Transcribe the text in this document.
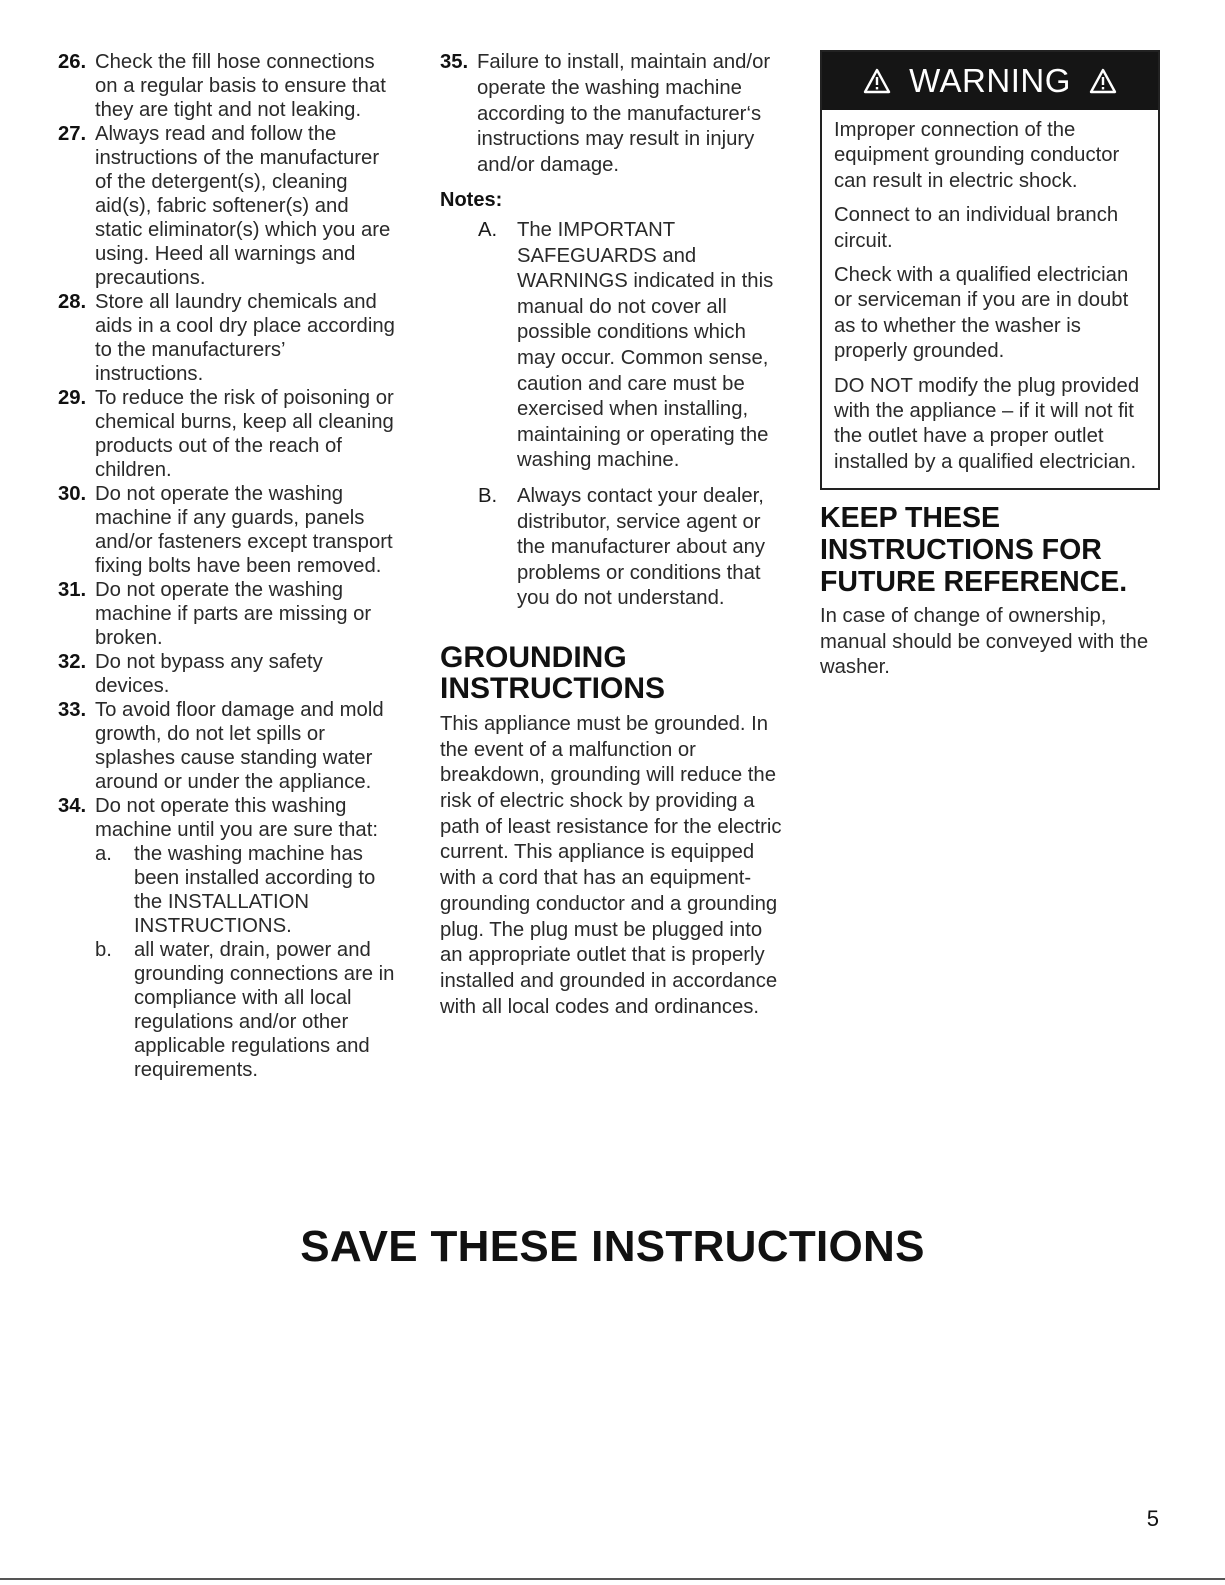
26. Check the fill hose connections on a regular basis to ensure that they are tight and not leaking.
27. Always read and follow the instructions of the manufacturer of the detergent(s), cleaning aid(s), fabric softener(s) and static eliminator(s) which you are using. Heed all warnings and precautions.
28. Store all laundry chemicals and aids in a cool dry place according to the manufacturers’ instructions.
29. To reduce the risk of poisoning or chemical burns, keep all cleaning products out of the reach of children.
30. Do not operate the washing machine if any guards, panels and/or fasteners except transport fixing bolts have been removed.
31. Do not operate the washing machine if parts are missing or broken.
32. Do not bypass any safety devices.
33. To avoid floor damage and mold growth, do not let spills or splashes cause standing water around or under the appliance.
34. Do not operate this washing machine until you are sure that:
a.	the washing machine has been installed according to the INSTALLATION INSTRUCTIONS.
b.	all water, drain, power and grounding connections are in compliance with all local regulations and/or other applicable regulations and requirements.
35. Failure to install, maintain and/or operate the washing machine according to the manufacturer‘s instructions may result in injury and/or damage.
Notes:
A. The IMPORTANT SAFEGUARDS and WARNINGS indicated in this manual do not cover all possible conditions which may occur. Common sense, caution and care must be exercised when installing, maintaining or operating the washing machine.
B. Always contact your dealer, distributor, service agent or the manufacturer about any problems or conditions that you do not understand.
GROUNDING
INSTRUCTIONS
This appliance must be grounded. In the event of a malfunction or breakdown, grounding will reduce the risk of electric shock by providing a path of least resistance for the electric current. This appliance is equipped with a cord that has an equipment-grounding conductor and a grounding plug. The plug must be plugged into an appropriate outlet that is properly installed and grounded in accordance with all local codes and ordinances.
WARNING

Improper connection of the equipment grounding conductor can result in electric shock.

Connect to an individual branch circuit.

Check with a qualified electrician or serviceman if you are in doubt as to whether the washer is properly grounded.

DO NOT modify the plug provided with the appliance – if it will not fit the outlet have a proper outlet installed by a qualified electrician.

KEEP THESE
INSTRUCTIONS FOR
FUTURE REFERENCE.
In case of change of ownership, manual should be conveyed with the washer.
SAVE THESE INSTRUCTIONS
5
